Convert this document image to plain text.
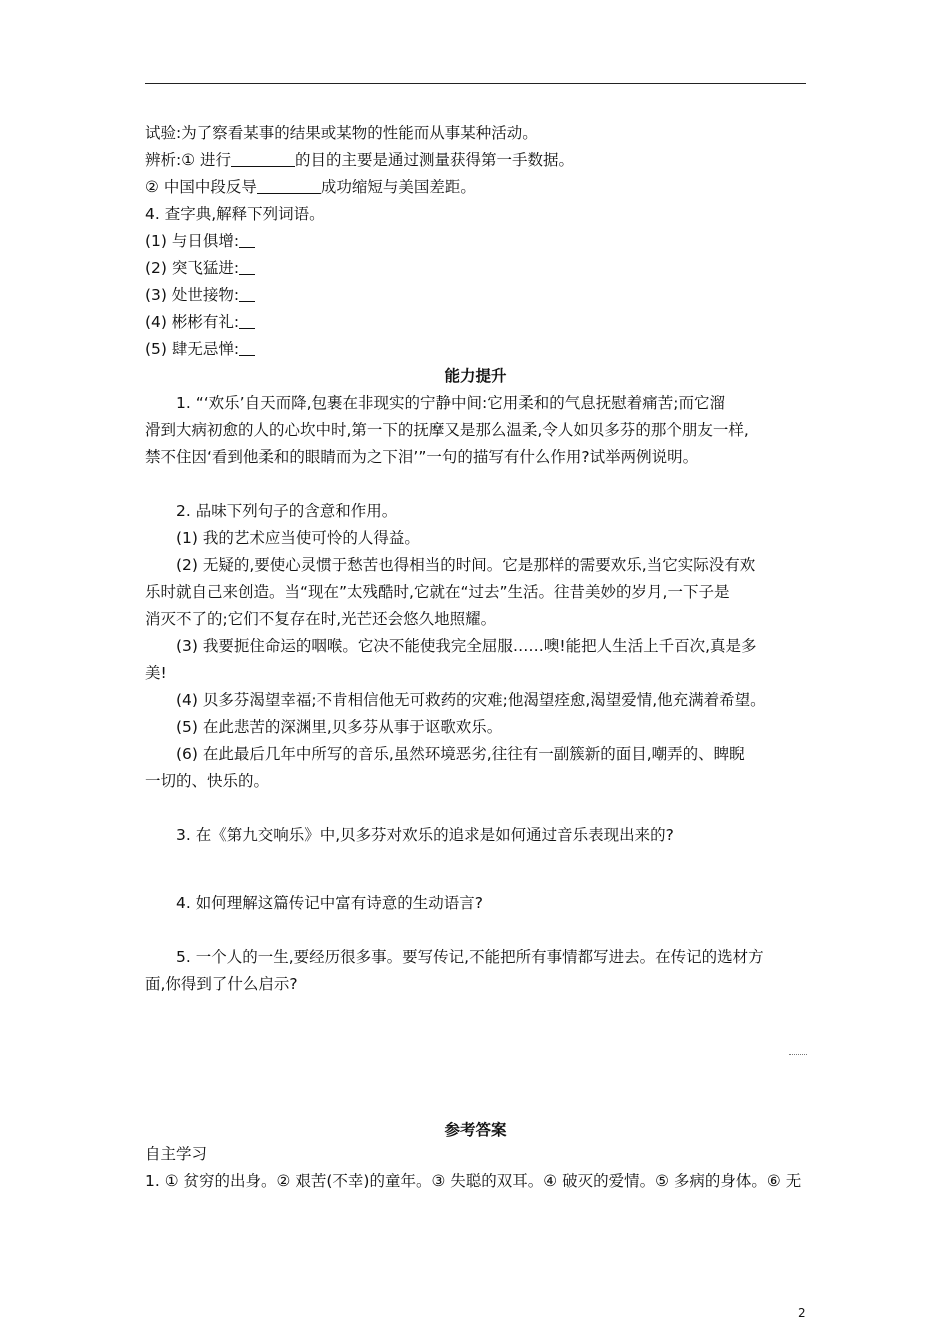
试验:为了察看某事的结果或某物的性能而从事某种活动。
辨析:① 进行	的目的主要是通过测量获得第一手数据。
② 中国中段反导	成功缩短与美国差距。
4. 查字典,解释下列词语。
(1) 与日俱增:
(2) 突飞猛进:
(3) 处世接物:
(4) 彬彬有礼:
(5) 肆无忌惮:
能力提升
1. “‘欢乐’自天而降,包裹在非现实的宁静中间:它用柔和的气息抚慰着痛苦;而它溜
滑到大病初愈的人的心坎中时,第一下的抚摩又是那么温柔,令人如贝多芬的那个朋友一样,
禁不住因‘看到他柔和的眼睛而为之下泪’”一句的描写有什么作用?试举两例说明。
2. 品味下列句子的含意和作用。
(1) 我的艺术应当使可怜的人得益。
(2) 无疑的,要使心灵惯于愁苦也得相当的时间。它是那样的需要欢乐,当它实际没有欢
乐时就自己来创造。当“现在”太残酷时,它就在“过去”生活。往昔美妙的岁月,一下子是
消灭不了的;它们不复存在时,光芒还会悠久地照耀。
(3) 我要扼住命运的咽喉。它决不能使我完全屈服……噢!能把人生活上千百次,真是多
美!
(4) 贝多芬渴望幸福;不肯相信他无可救药的灾难;他渴望痊愈,渴望爱情,他充满着希望。
(5) 在此悲苦的深渊里,贝多芬从事于讴歌欢乐。
(6) 在此最后几年中所写的音乐,虽然环境恶劣,往往有一副簇新的面目,嘲弄的、睥睨
一切的、快乐的。
3. 在《第九交响乐》中,贝多芬对欢乐的追求是如何通过音乐表现出来的?
4. 如何理解这篇传记中富有诗意的生动语言?
5. 一个人的一生,要经历很多事。要写传记,不能把所有事情都写进去。在传记的选材方
面,你得到了什么启示?
参考答案
自主学习
1. ① 贫穷的出身。② 艰苦(不幸)的童年。③ 失聪的双耳。④ 破灭的爱情。⑤ 多病的身体。⑥ 无
2
